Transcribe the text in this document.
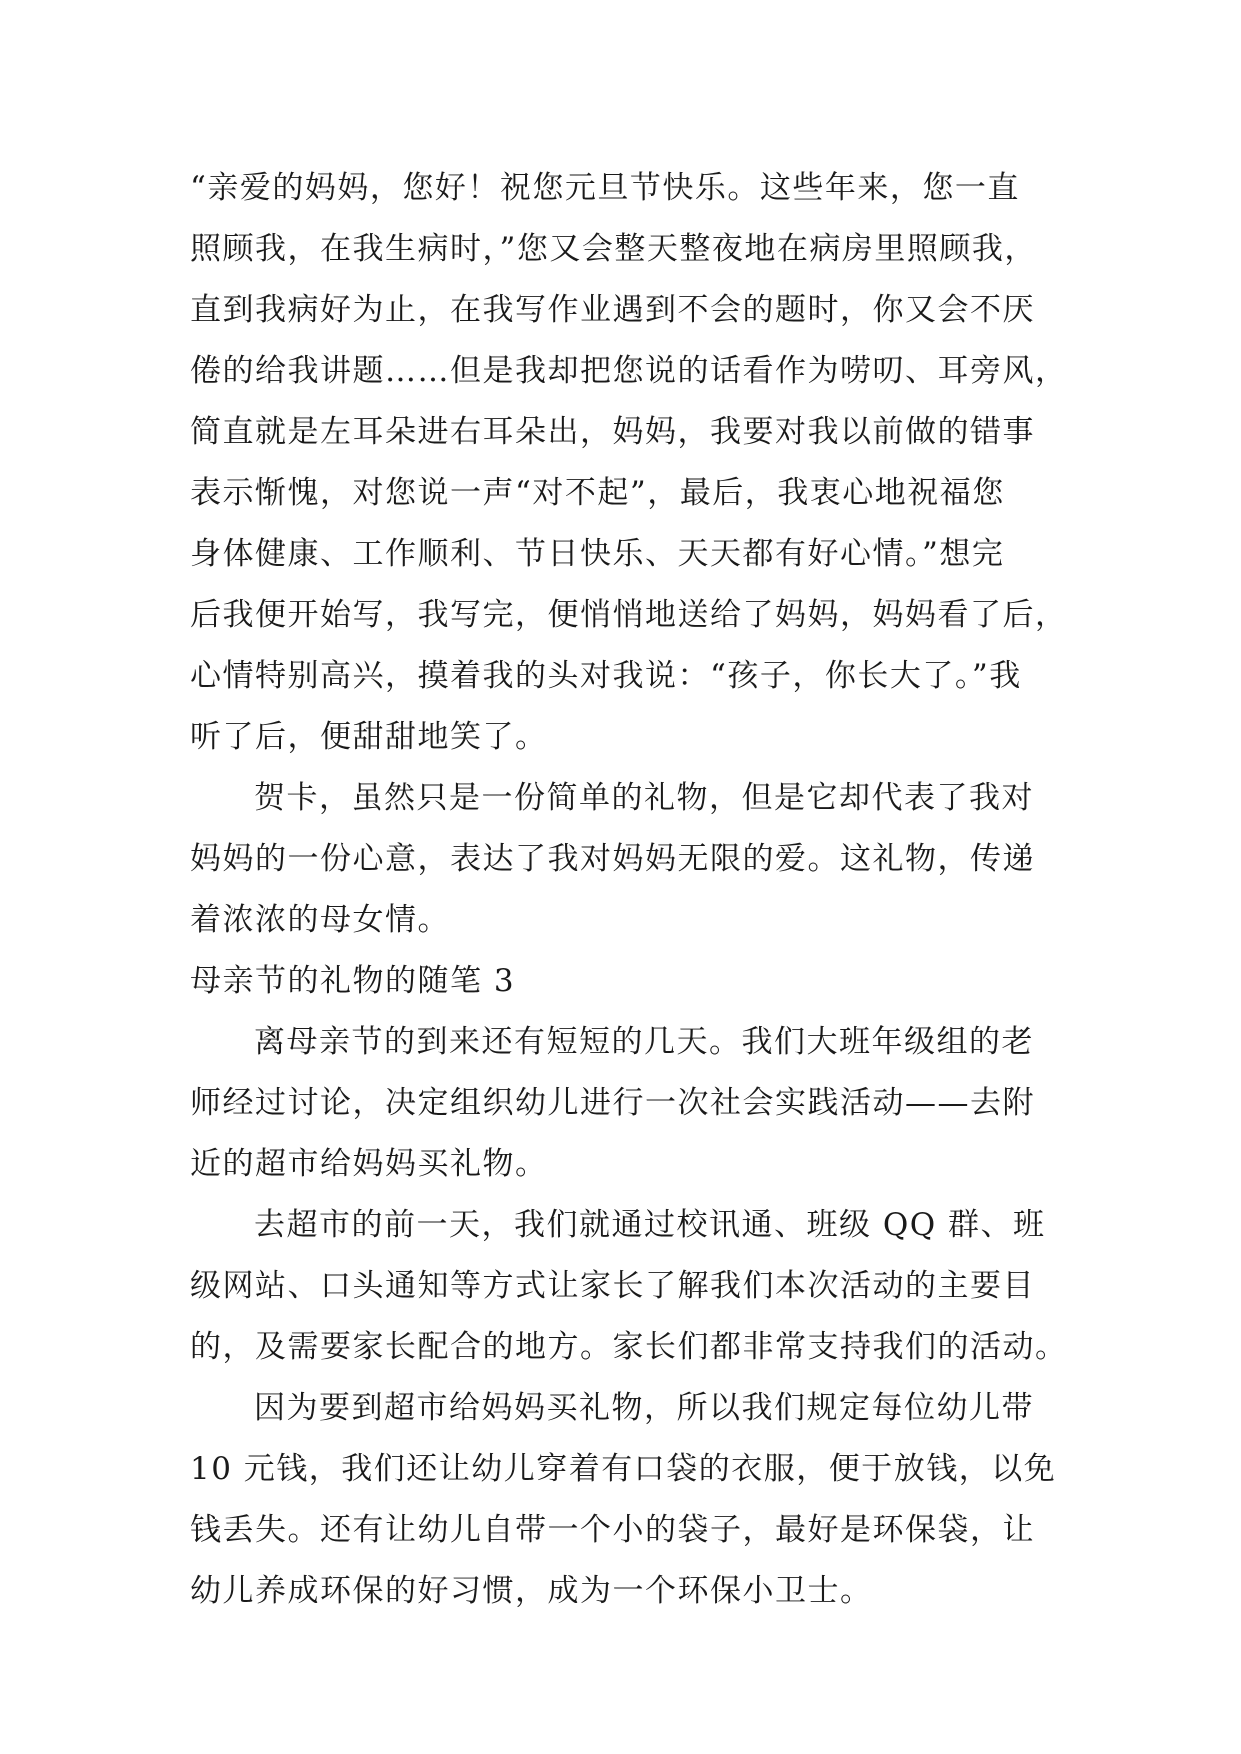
“亲爱的妈妈，您好！祝您元旦节快乐。这些年来，您一直
照顾我，在我生病时，”您又会整天整夜地在病房里照顾我，
直到我病好为止，在我写作业遇到不会的题时，你又会不厌
倦的给我讲题……但是我却把您说的话看作为唠叨、耳旁风，
简直就是左耳朵进右耳朵出，妈妈，我要对我以前做的错事
表示惭愧，对您说一声“对不起”，最后，我衷心地祝福您
身体健康、工作顺利、节日快乐、天天都有好心情。”想完
后我便开始写，我写完，便悄悄地送给了妈妈，妈妈看了后，
心情特别高兴，摸着我的头对我说：“孩子，你长大了。”我
听了后，便甜甜地笑了。
贺卡，虽然只是一份简单的礼物，但是它却代表了我对
妈妈的一份心意，表达了我对妈妈无限的爱。这礼物，传递
着浓浓的母女情。
母亲节的礼物的随笔 3
离母亲节的到来还有短短的几天。我们大班年级组的老
师经过讨论，决定组织幼儿进行一次社会实践活动——去附
近的超市给妈妈买礼物。
去超市的前一天，我们就通过校讯通、班级 QQ 群、班
级网站、口头通知等方式让家长了解我们本次活动的主要目
的，及需要家长配合的地方。家长们都非常支持我们的活动。
因为要到超市给妈妈买礼物，所以我们规定每位幼儿带
10 元钱，我们还让幼儿穿着有口袋的衣服，便于放钱，以免
钱丢失。还有让幼儿自带一个小的袋子，最好是环保袋，让
幼儿养成环保的好习惯，成为一个环保小卫士。
